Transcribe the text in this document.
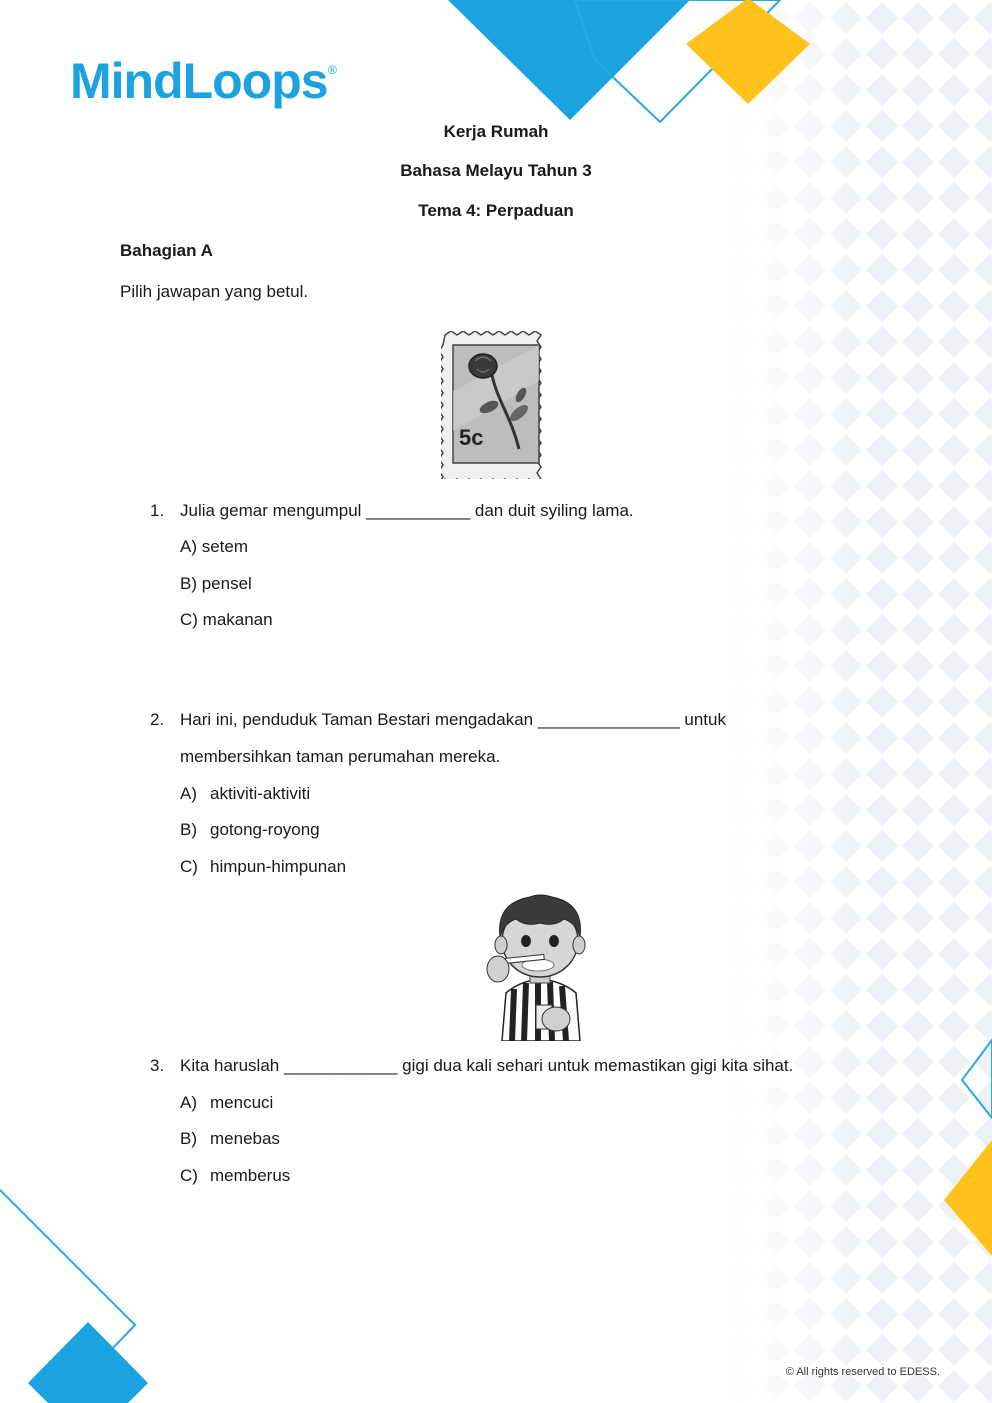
MindLoops ®
Kerja Rumah
Bahasa Melayu Tahun 3
Tema 4: Perpaduan
Bahagian A
Pilih jawapan yang betul.
5c
1. Julia gemar mengumpul ___________ dan duit syiling lama.
A) setem
B) pensel
C) makanan
2. Hari ini, penduduk Taman Bestari mengadakan _______________ untuk
membersihkan taman perumahan mereka.
A) aktiviti-aktiviti
B) gotong-royong
C) himpun-himpunan
3. Kita haruslah ____________ gigi dua kali sehari untuk memastikan gigi kita sihat.
A) mencuci
B) menebas
C) memberus
© All rights reserved to EDESS.
